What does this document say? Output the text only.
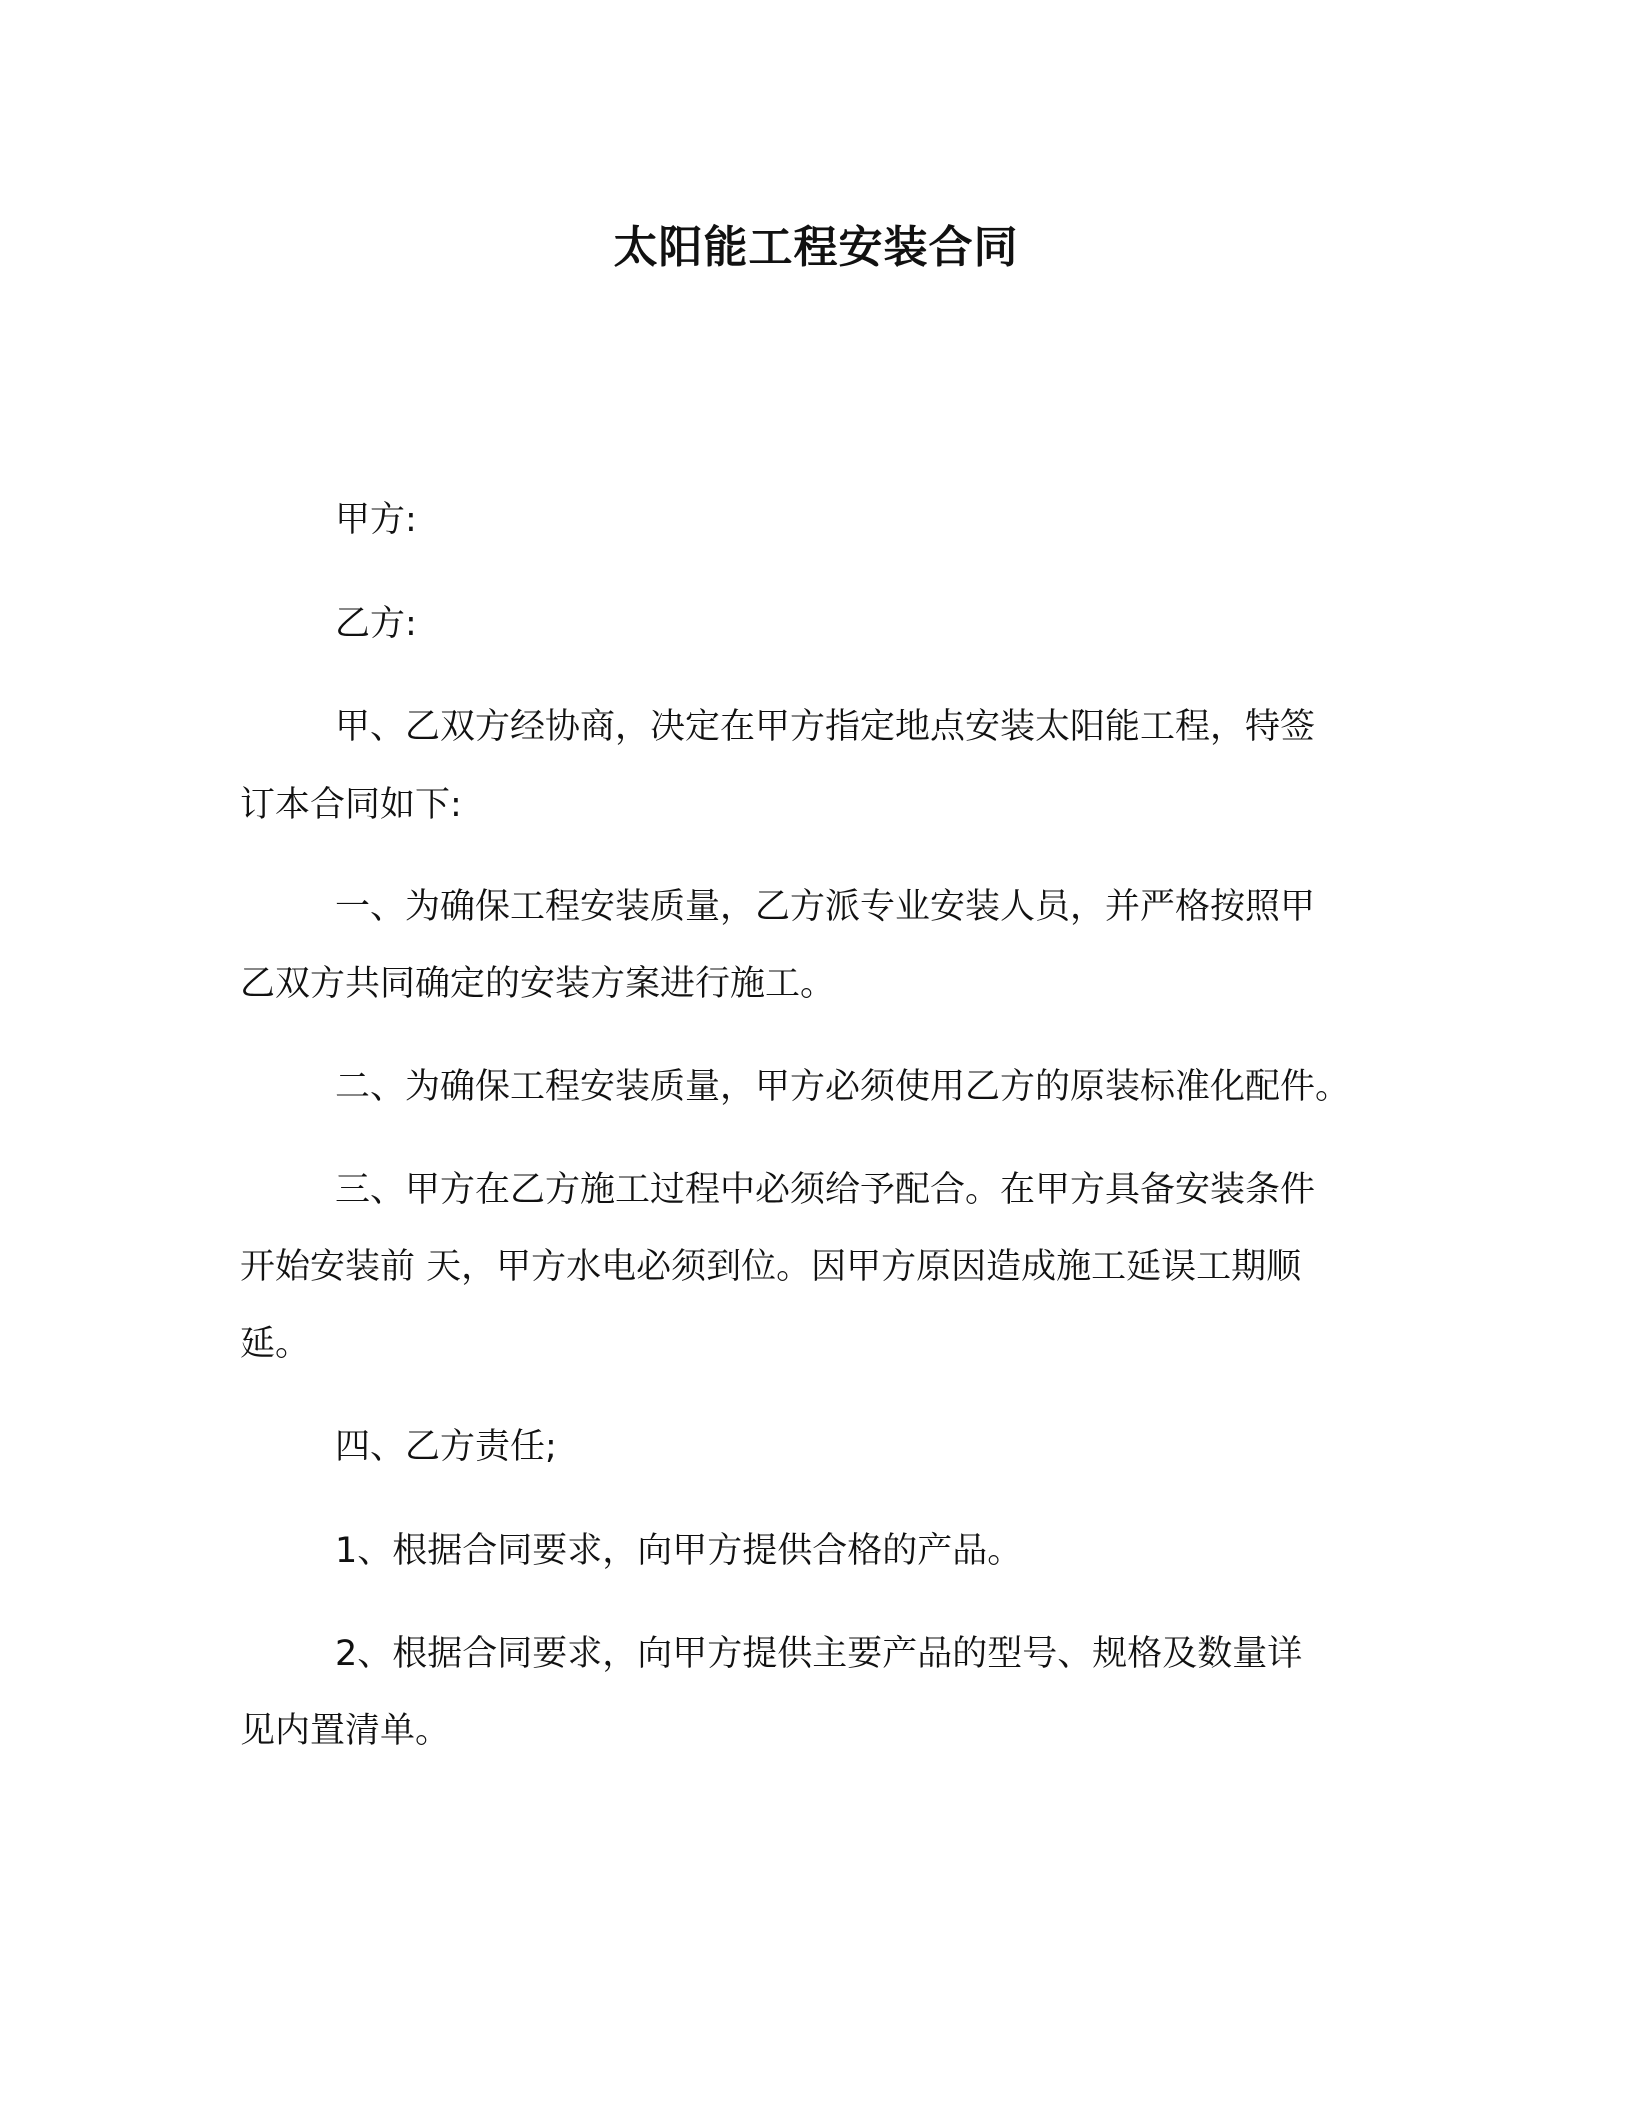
太阳能工程安装合同
甲方:
乙方:
甲、乙双方经协商，决定在甲方指定地点安装太阳能工程，特签
订本合同如下:
一、为确保工程安装质量，乙方派专业安装人员，并严格按照甲
乙双方共同确定的安装方案进行施工。
二、为确保工程安装质量，甲方必须使用乙方的原装标准化配件。
三、甲方在乙方施工过程中必须给予配合。在甲方具备安装条件
开始安装前 天，甲方水电必须到位。因甲方原因造成施工延误工期顺
延。
四、乙方责任;
1、根据合同要求，向甲方提供合格的产品。
2、根据合同要求，向甲方提供主要产品的型号、规格及数量详
见内置清单。
